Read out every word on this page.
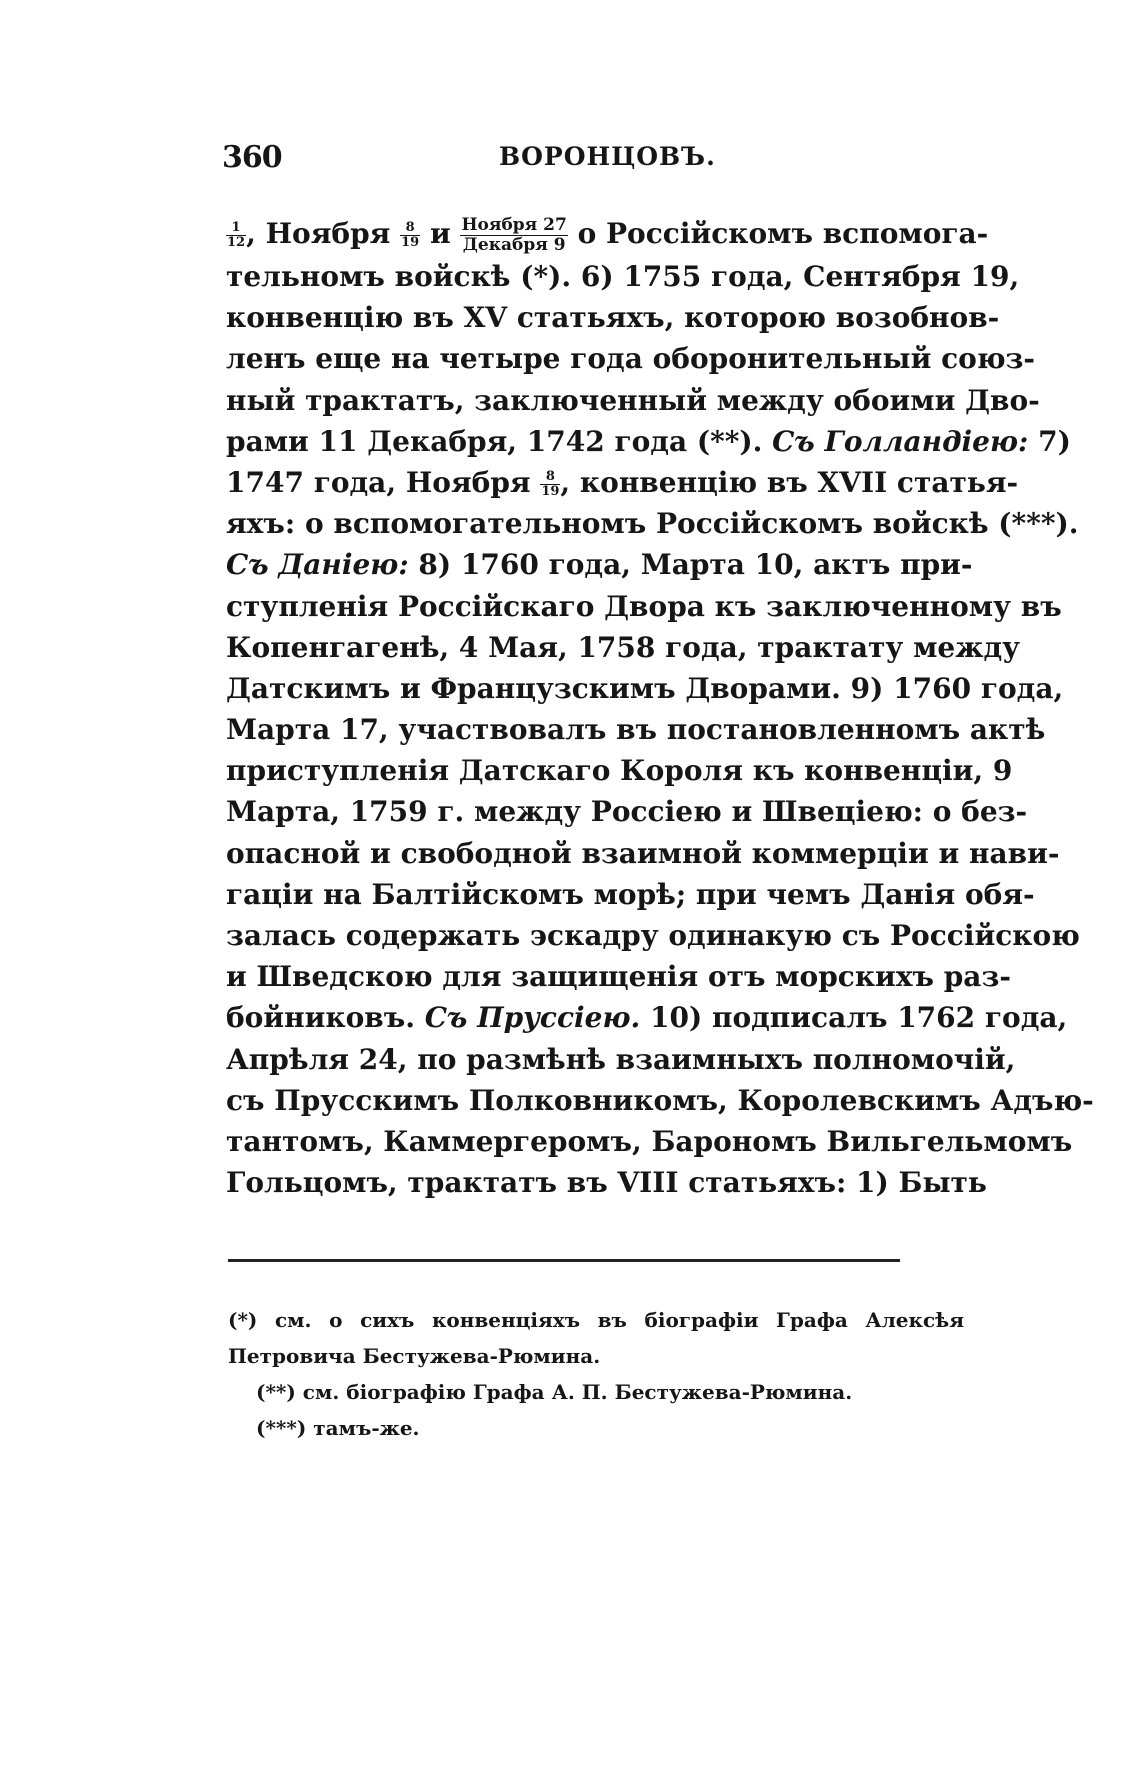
360	ВОРОНЦОВЪ.
$\frac{1}{12}$ , Ноября $\frac{8}{19}$ и $\frac{\text{Ноября 27}}{\text{Декабря 9}}$ о Россійскомъ вспомога-
тельномъ войскѣ (*). 6) 1755 года, Сентября 19,
конвенцію въ XV статьяхъ, которою возобнов-
ленъ еще на четыре года оборонительный союз-
ный трактатъ, заключенный между обоими Дво-
рами 11 Декабря, 1742 года (**). Съ Голландіею: 7)
1747 года, Ноября $\frac{8}{19}$ , конвенцію въ XVII статья-
яхъ: о вспомогательномъ Россійскомъ войскѣ (***).
Съ Даніею: 8) 1760 года, Марта 10, актъ при-
ступленія Россійскаго Двора къ заключенному въ
Копенгагенѣ, 4 Мая, 1758 года, трактату между
Датскимъ и Французскимъ Дворами. 9) 1760 года,
Марта 17, участвовалъ въ постановленномъ актѣ
приступленія Датскаго Короля къ конвенціи, 9
Марта, 1759 г. между Россіею и Швеціею: о без-
опасной и свободной взаимной коммерціи и нави-
гаціи на Балтійскомъ морѣ; при чемъ Данія обя-
залась содержать эскадру одинакую съ Россійскою
и Шведскою для защищенія отъ морскихъ раз-
бойниковъ. Съ Пруссіею. 10) подписалъ 1762 года,
Апрѣля 24, по размѣнѣ взаимныхъ полномочій,
съ Прусскимъ Полковникомъ, Королевскимъ Адъю-
тантомъ, Каммергеромъ, Барономъ Вильгельмомъ
Гольцомъ, трактатъ въ VIII статьяхъ: 1) Быть
(*) см. о сихъ конвенціяхъ въ біографіи Графа Алексѣя
Петровича Бестужева-Рюмина.
(**) см. біографію Графа А. П. Бестужева-Рюмина.
(***) тамъ-же.
